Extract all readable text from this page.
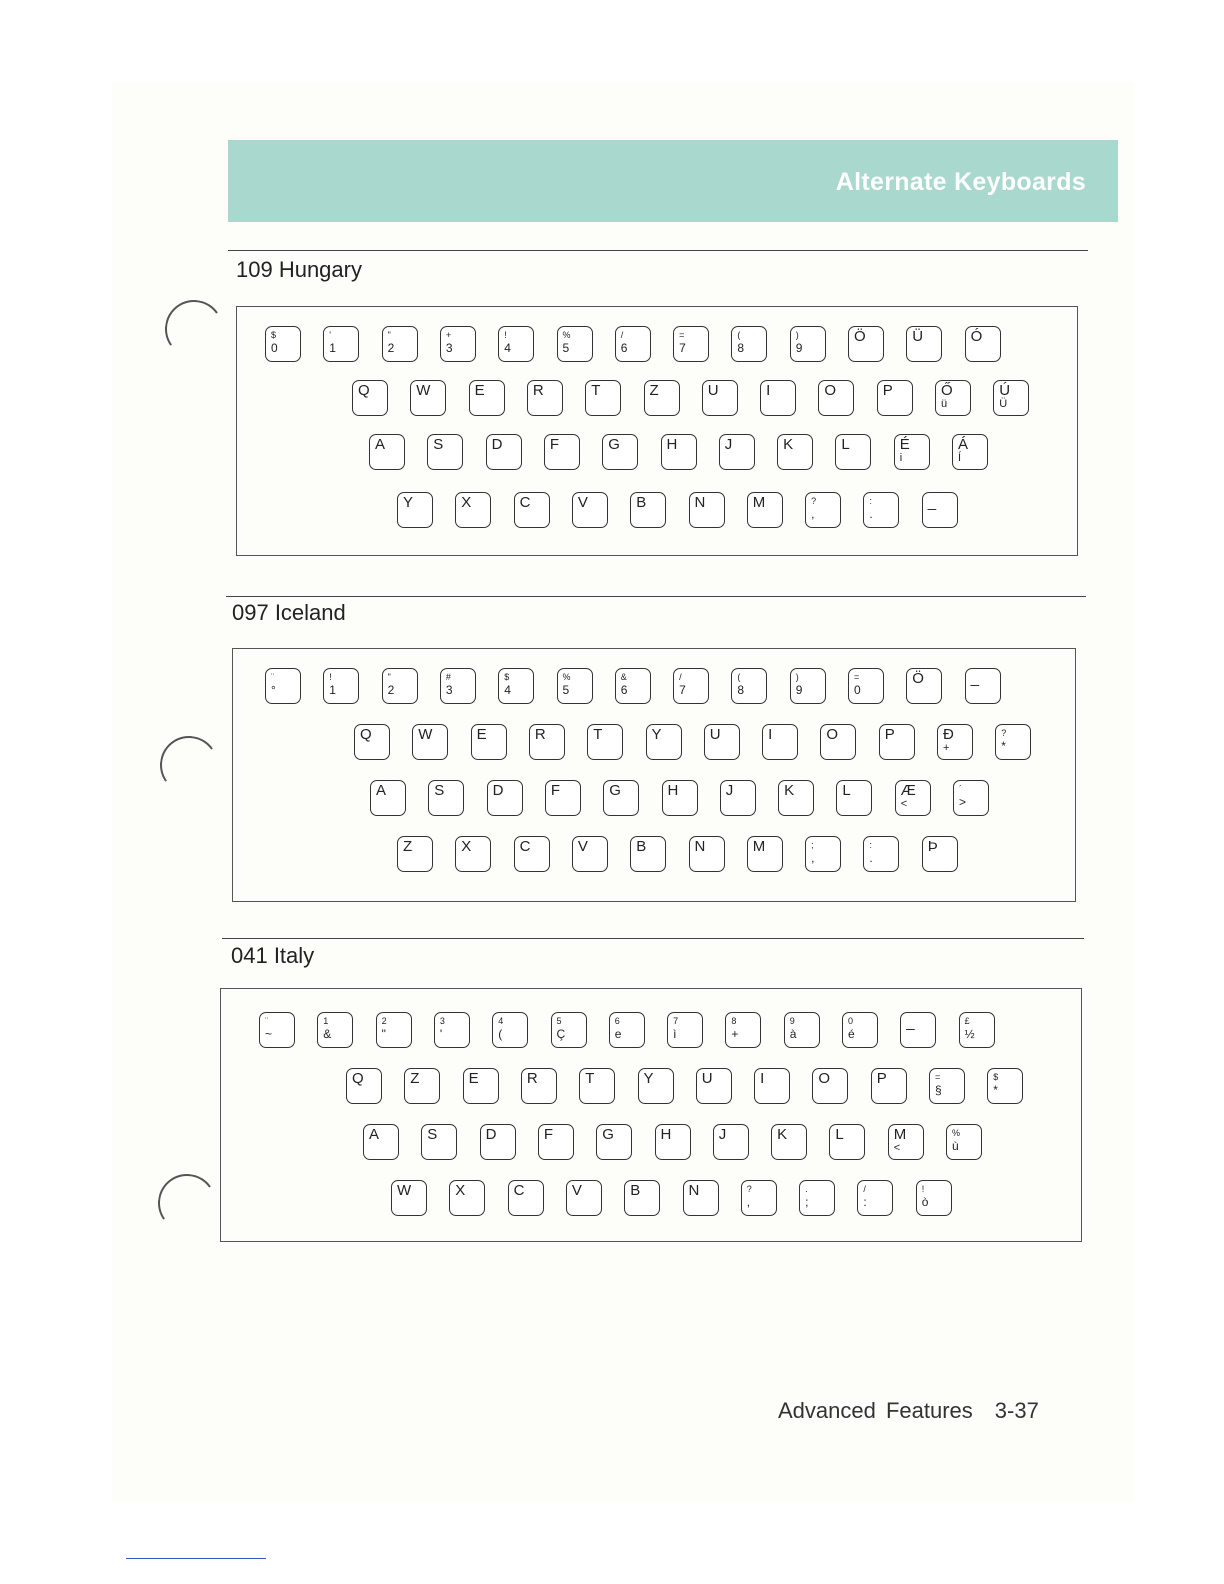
Alternate Keyboards
109 Hungary
097 Iceland
041 Italy
Advanced Features 3-37
$
0
'
1
"
2
+
3
!
4
%
5
/
6
=
7
(
8
)
9
Ö	Ü	Ó
Q	W	E	R	T	Z	U	I	O	P	Ő
ü
Ú
Ü
A	S	D	F	G	H	J	K	L	É
i
Á
Í
Y	X	C	V	B	N	M	?
,
:
.
_
¨
°
!
1
"
2
#
3
$
4
%
5
&
6
/
7
(
8
)
9
=
0
Ö	_
Q	W	E	R	T	Y	U	I	O	P	Đ
+
?
*
A	S	D	F	G	H	J	K	L	Æ
<
´
>
Z	X	C	V	B	N	M	;
,
:
.
Þ
¨
~
1
&
2
"
3
'
4
(
5
Ç
6
e
7
ì
8
+
9
à
0
é
_	£
½
Q	Z	E	R	T	Y	U	I	O	P	=
§
$
*
A	S	D	F	G	H	J	K	L	M
<
%
ù
W	X	C	V	B	N	?
,
.
;
/
:
!
ò
